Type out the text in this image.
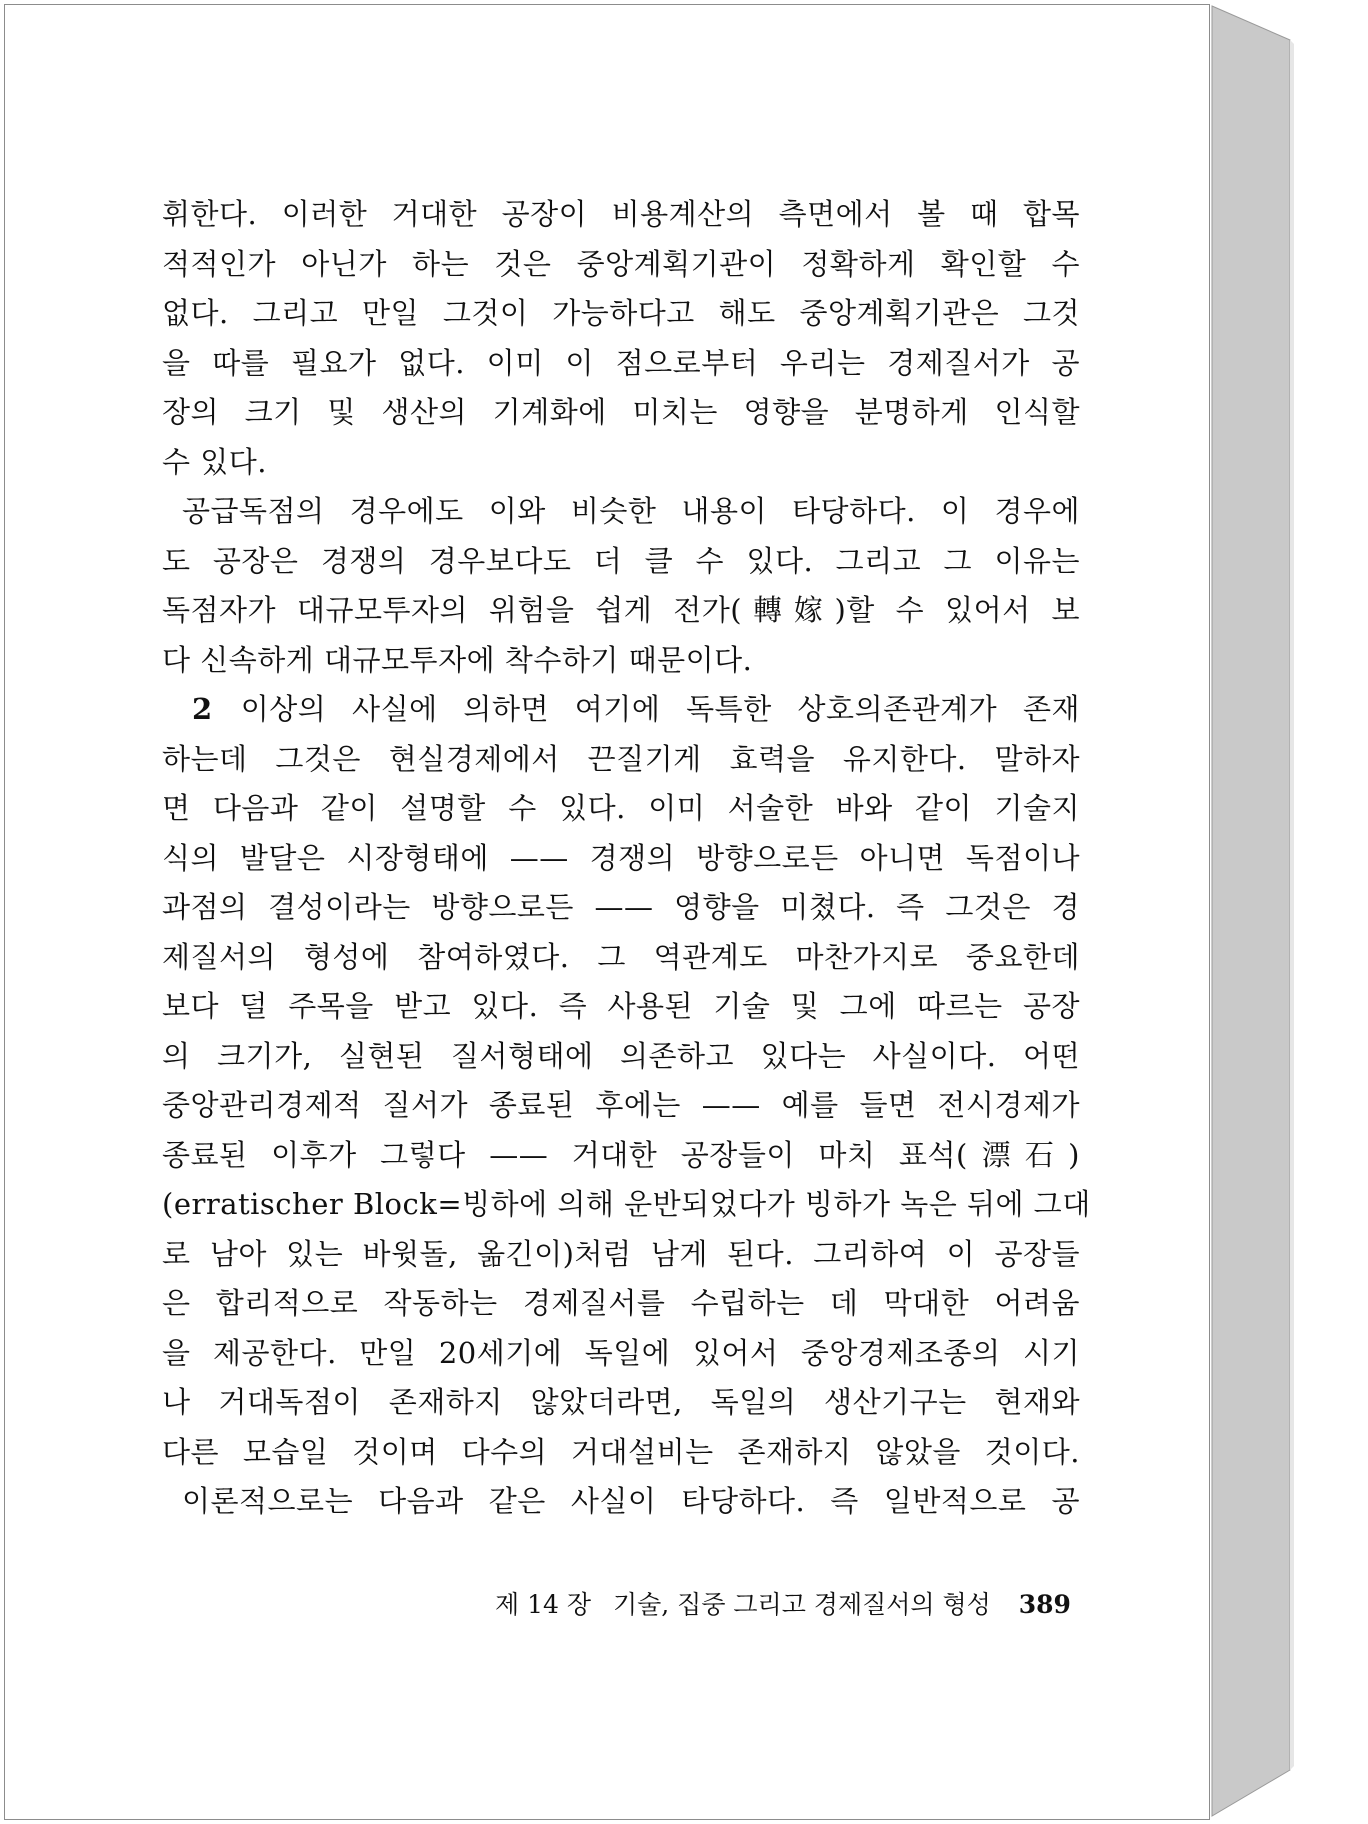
휘한다. 이러한 거대한 공장이 비용계산의 측면에서 볼 때 합목
적적인가 아닌가 하는 것은 중앙계획기관이 정확하게 확인할 수
없다. 그리고 만일 그것이 가능하다고 해도 중앙계획기관은 그것
을 따를 필요가 없다. 이미 이 점으로부터 우리는 경제질서가 공
장의 크기 및 생산의 기계화에 미치는 영향을 분명하게 인식할
수 있다.
공급독점의 경우에도 이와 비슷한 내용이 타당하다. 이 경우에
도 공장은 경쟁의 경우보다도 더 클 수 있다. 그리고 그 이유는
독점자가 대규모투자의 위험을 쉽게 전가(轉嫁)할 수 있어서 보
다 신속하게 대규모투자에 착수하기 때문이다.
2 이상의 사실에 의하면 여기에 독특한 상호의존관계가 존재
하는데 그것은 현실경제에서 끈질기게 효력을 유지한다. 말하자
면 다음과 같이 설명할 수 있다. 이미 서술한 바와 같이 기술지
식의 발달은 시장형태에 —— 경쟁의 방향으로든 아니면 독점이나
과점의 결성이라는 방향으로든 —— 영향을 미쳤다. 즉 그것은 경
제질서의 형성에 참여하였다. 그 역관계도 마찬가지로 중요한데
보다 덜 주목을 받고 있다. 즉 사용된 기술 및 그에 따르는 공장
의 크기가, 실현된 질서형태에 의존하고 있다는 사실이다. 어떤
중앙관리경제적 질서가 종료된 후에는 —— 예를 들면 전시경제가
종료된 이후가 그렇다 —— 거대한 공장들이 마치 표석(漂石)
(erratischer Block=빙하에 의해 운반되었다가 빙하가 녹은 뒤에 그대
로 남아 있는 바윗돌, 옮긴이)처럼 남게 된다. 그리하여 이 공장들
은 합리적으로 작동하는 경제질서를 수립하는 데 막대한 어려움
을 제공한다. 만일 20세기에 독일에 있어서 중앙경제조종의 시기
나 거대독점이 존재하지 않았더라면, 독일의 생산기구는 현재와
다른 모습일 것이며 다수의 거대설비는 존재하지 않았을 것이다.
이론적으로는 다음과 같은 사실이 타당하다. 즉 일반적으로 공
제 14 장 기술, 집중 그리고 경제질서의 형성 389
